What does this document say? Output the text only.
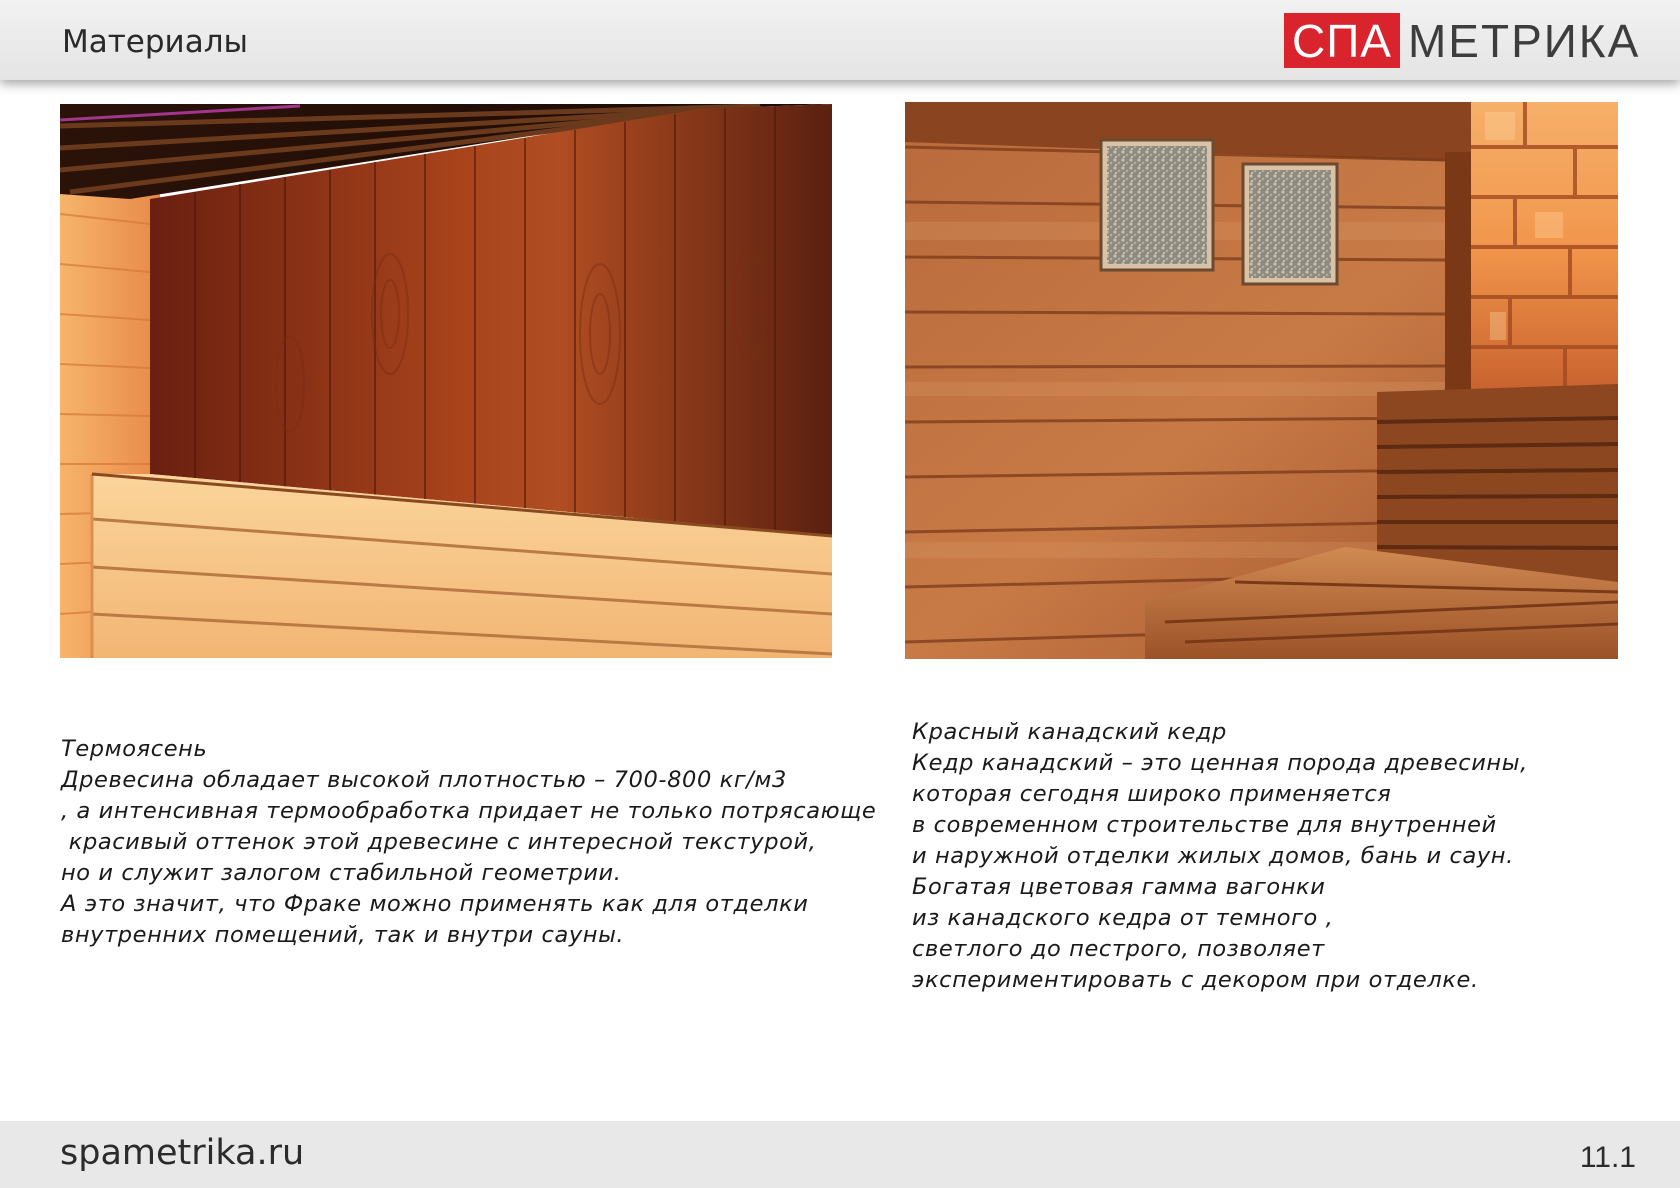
Материалы	СПА МЕТРИКА
Термоясень
Древесина обладает высокой плотностью – 700-800 кг/м3
, а интенсивная термообработка придает не только потрясающе
красивый оттенок этой древесине с интересной текстурой,
но и служит залогом стабильной геометрии.
А это значит, что Фраке можно применять как для отделки
внутренних помещений, так и внутри сауны.
Красный канадский кедр
Кедр канадский – это ценная порода древесины,
которая сегодня широко применяется
в современном строительстве для внутренней
и наружной отделки жилых домов, бань и саун.
Богатая цветовая гамма вагонки
из канадского кедра от темного ,
светлого до пестрого, позволяет
экспериментировать с декором при отделке.
spametrika.ru	11.1
